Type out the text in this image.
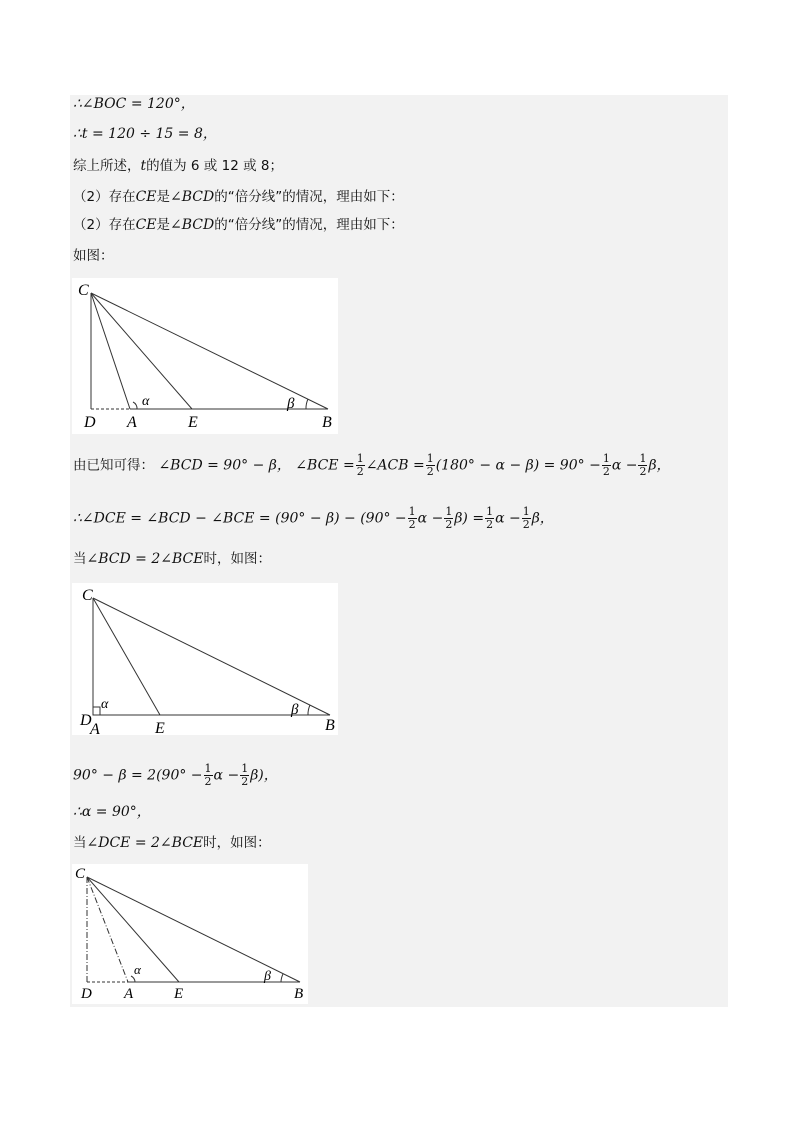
∴∠BOC = 120°，
∴t = 120 ÷ 15 = 8，
综上所述，t的值为 6 或 12 或 8；
（2）存在CE是∠BCD的“倍分线”的情况，理由如下：
（2）存在CE是∠BCD的“倍分线”的情况，理由如下：
如图：
C
D A	E	B
α	β
由已知可得： ∠BCD = 90° − β， ∠BCE = $\frac{1}{2}$ ∠ACB = $\frac{1}{2} (180^\circ - \alpha - \beta) = 90^\circ - \frac{1}{2}$ $\alpha - \frac{1}{2}$ β，
∴∠DCE = ∠BCD − ∠BCE = $(90^\circ - \beta) - (90^\circ - \frac{1}{2}$ $\alpha - \frac{1}{2} \beta) = \frac{1}{2}$ $\alpha - \frac{1}{2}$ β，
当∠BCD = 2∠BCE时，如图：
C
D
A	E	B
α	β
$90^\circ - \beta = 2(90^\circ - \frac{1}{2}$ $\alpha - \frac{1}{2} \beta$)，
∴α = 90°，
当∠DCE = 2∠BCE时，如图：
C
D A	E	B
α	β
